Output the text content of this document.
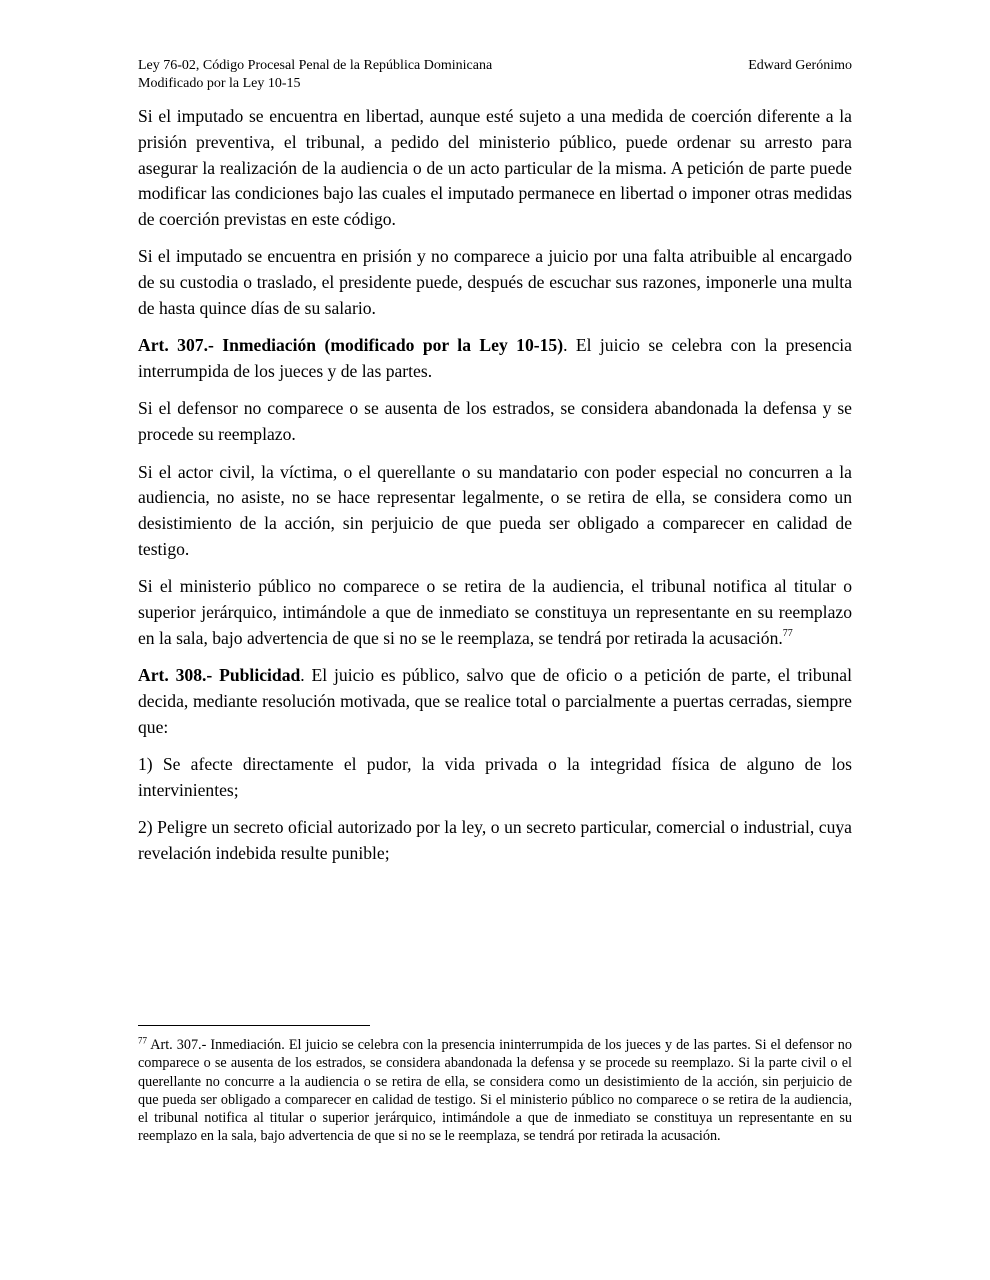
Ley 76-02, Código Procesal Penal de la República Dominicana
Modificado por la Ley 10-15
Edward Gerónimo

Si el imputado se encuentra en libertad, aunque esté sujeto a una medida de coerción diferente a la prisión preventiva, el tribunal, a pedido del ministerio público, puede ordenar su arresto para asegurar la realización de la audiencia o de un acto particular de la misma. A petición de parte puede modificar las condiciones bajo las cuales el imputado permanece en libertad o imponer otras medidas de coerción previstas en este código.

Si el imputado se encuentra en prisión y no comparece a juicio por una falta atribuible al encargado de su custodia o traslado, el presidente puede, después de escuchar sus razones, imponerle una multa de hasta quince días de su salario.

Art. 307.- Inmediación (modificado por la Ley 10-15). El juicio se celebra con la presencia interrumpida de los jueces y de las partes.

Si el defensor no comparece o se ausenta de los estrados, se considera abandonada la defensa y se procede su reemplazo.

Si el actor civil, la víctima, o el querellante o su mandatario con poder especial no concurren a la audiencia, no asiste, no se hace representar legalmente, o se retira de ella, se considera como un desistimiento de la acción, sin perjuicio de que pueda ser obligado a comparecer en calidad de testigo.

Si el ministerio público no comparece o se retira de la audiencia, el tribunal notifica al titular o superior jerárquico, intimándole a que de inmediato se constituya un representante en su reemplazo en la sala, bajo advertencia de que si no se le reemplaza, se tendrá por retirada la acusación.$^{77}$

Art. 308.- Publicidad. El juicio es público, salvo que de oficio o a petición de parte, el tribunal decida, mediante resolución motivada, que se realice total o parcialmente a puertas cerradas, siempre que:

1) Se afecte directamente el pudor, la vida privada o la integridad física de alguno de los intervinientes;

2) Peligre un secreto oficial autorizado por la ley, o un secreto particular, comercial o industrial, cuya revelación indebida resulte punible;

$^{77}$ Art. 307.- Inmediación. El juicio se celebra con la presencia ininterrumpida de los jueces y de las partes. Si el defensor no comparece o se ausenta de los estrados, se considera abandonada la defensa y se procede su reemplazo. Si la parte civil o el querellante no concurre a la audiencia o se retira de ella, se considera como un desistimiento de la acción, sin perjuicio de que pueda ser obligado a comparecer en calidad de testigo. Si el ministerio público no comparece o se retira de la audiencia, el tribunal notifica al titular o superior jerárquico, intimándole a que de inmediato se constituya un representante en su reemplazo en la sala, bajo advertencia de que si no se le reemplaza, se tendrá por retirada la acusación.
